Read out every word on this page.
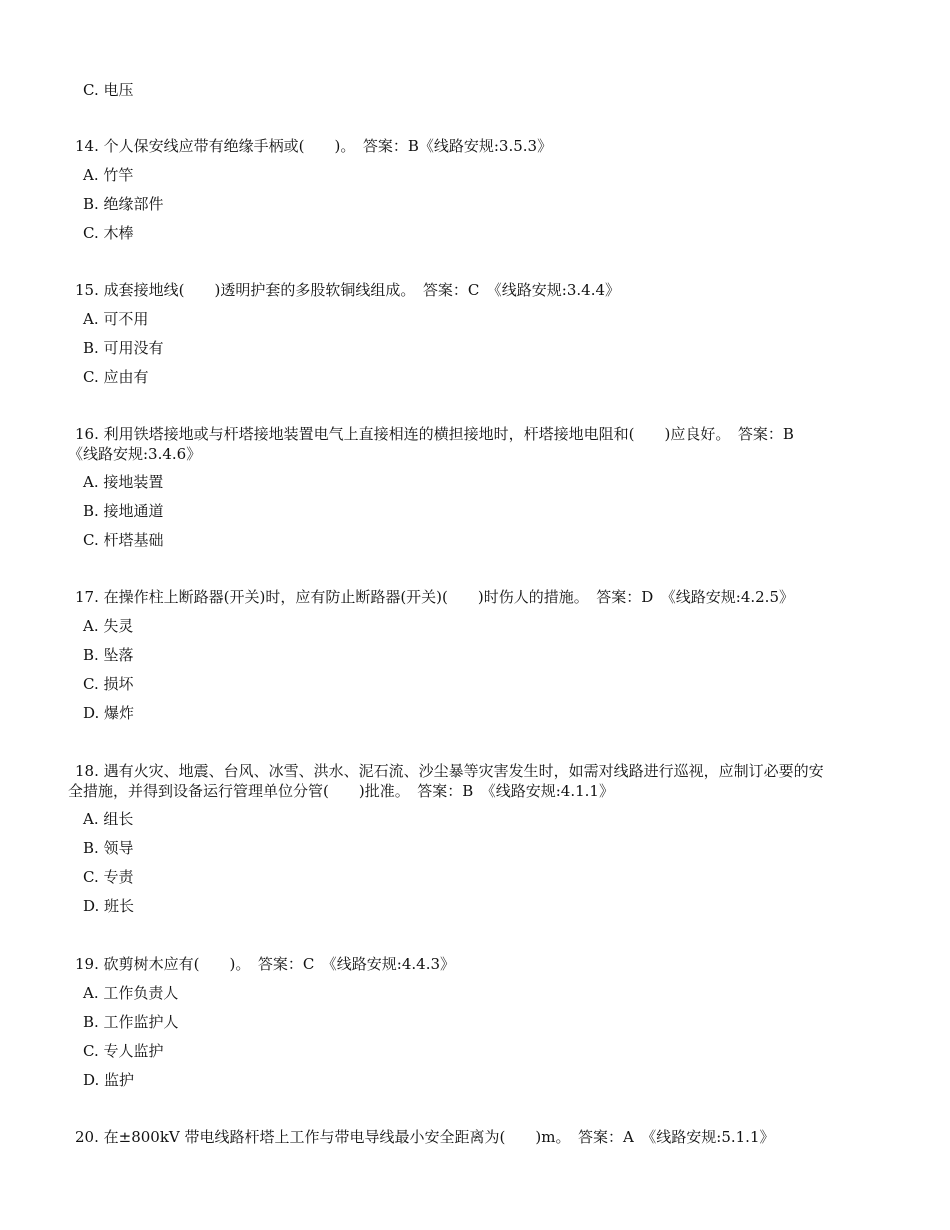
C. 电压
14. 个人保安线应带有绝缘手柄或(　　)。　答案：B《线路安规:3.5.3》
A. 竹竿
B. 绝缘部件
C. 木棒
15. 成套接地线(　　)透明护套的多股软铜线组成。　答案：C　《线路安规:3.4.4》
A. 可不用
B. 可用没有
C. 应由有
16. 利用铁塔接地或与杆塔接地装置电气上直接相连的横担接地时，杆塔接地电阻和(　　)应良好。　答案：B
《线路安规:3.4.6》
A. 接地装置
B. 接地通道
C. 杆塔基础
17. 在操作柱上断路器(开关)时，应有防止断路器(开关)(　　)时伤人的措施。　答案：D　《线路安规:4.2.5》
A. 失灵
B. 坠落
C. 损坏
D. 爆炸
18. 遇有火灾、地震、台风、冰雪、洪水、泥石流、沙尘暴等灾害发生时，如需对线路进行巡视，应制订必要的安
全措施，并得到设备运行管理单位分管(　　)批准。　答案：B　《线路安规:4.1.1》
A. 组长
B. 领导
C. 专责
D. 班长
19. 砍剪树木应有(　　)。　答案：C　《线路安规:4.4.3》
A. 工作负责人
B. 工作监护人
C. 专人监护
D. 监护
20. 在±800kV 带电线路杆塔上工作与带电导线最小安全距离为(　　)m。　答案：A　《线路安规:5.1.1》
